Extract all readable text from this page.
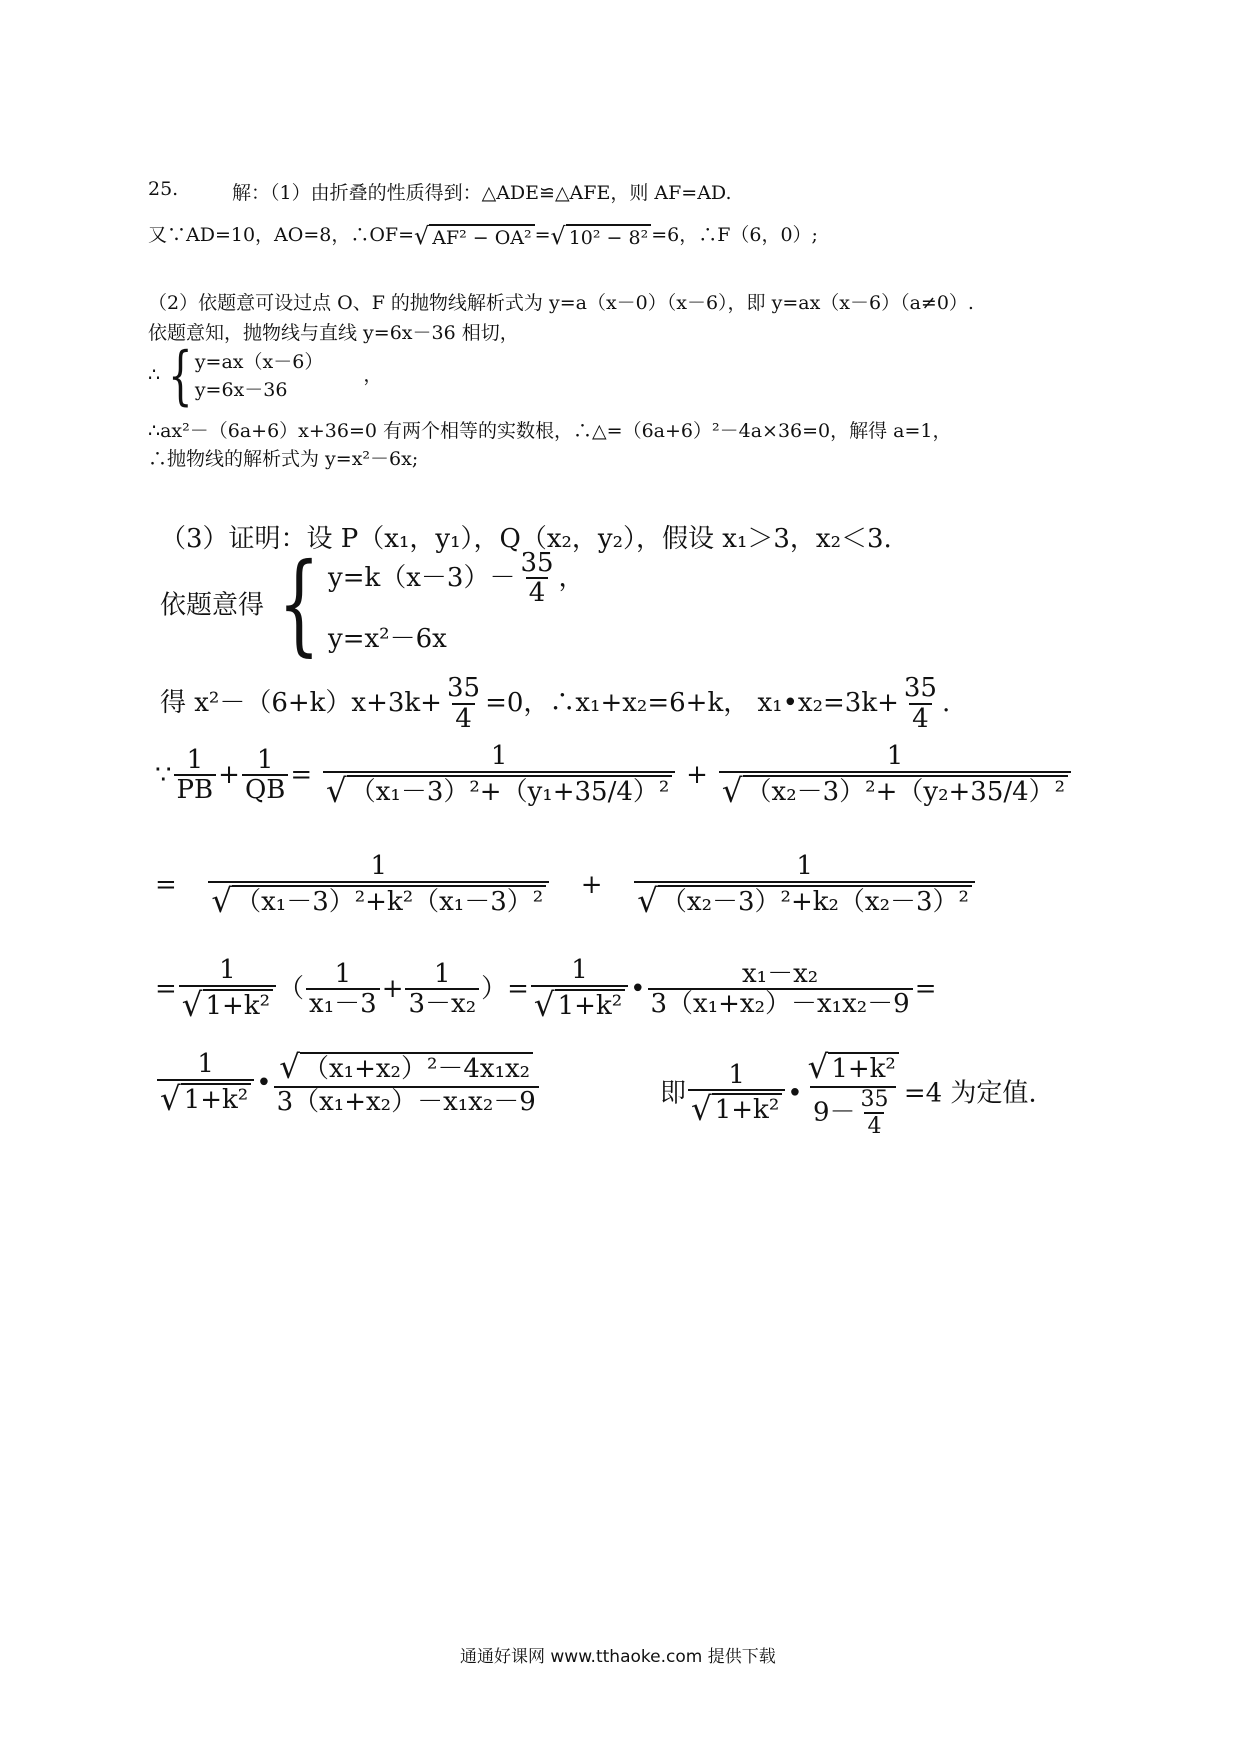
25.	解：（1）由折叠的性质得到：△ADE≌△AFE，则 AF=AD.
又∵AD=10，AO=8，∴OF=√ AF² − OA² =√ 10² − 8² =6，∴F（6，0）;
（2）依题意可设过点 O、F 的抛物线解析式为 y=a（x－0）（x－6），即 y=ax（x－6）（a≠0）.
依题意知，抛物线与直线 y=6x－36 相切，
∴ { y=ax（x－6）
y=6x－36
，
∴ax²－（6a+6）x+36=0 有两个相等的实数根，∴△=（6a+6）²－4a×36=0，解得 a=1，
∴抛物线的解析式为 y=x²－6x;
（3）证明：设 P（x₁，y₁），Q（x₂，y₂），假设 x₁＞3，x₂＜3.
依题意得 { $y=k(x-3)- \frac{35}{4}$ ，
y=x²－6x
得 $x^2-(6+k)x+3k+ \frac{35}{4} =0$，∴x₁+x₂=6+k， x₁•x₂=3k+ $\frac{35}{4}$ .
∵ $\frac{1}{PB} + \frac{1}{QB} = \frac{1}{\text{√ （x₁－3）²+（y₁+35/4）²}} + \frac{1}{\text{√ （x₂－3）²+（y₂+35/4）²}}$
= $\frac{1}{\text{√ （x₁－3）²+k²（x₁－3）²}} + \frac{1}{\text{√ （x₂－3）²+k₂（x₂－3）²}}$
= $\frac{1}{\text{√ 1+k²}}$ （ $\frac{1}{\text{x₁－3}} + \frac{1}{\text{3－x₂}}$ ）= $\frac{1}{\text{√ 1+k²}}$ • $\frac{\text{x₁－x₂}}{\text{3（x₁+x₂）－x₁x₂－9}}$ =
$\frac{1}{\text{√ 1+k²}}$ • $\frac{\text{√ （x₁+x₂）²－4x₁x₂}}{\text{3（x₁+x₂）－x₁x₂－9}}$	即 $\frac{1}{\text{√ 1+k²}}$ • $\frac{\text{√ 1+k²}}{9- \frac{35}{4}} =4$ 为定值.
通通好课网 www.tthaoke.com 提供下载
